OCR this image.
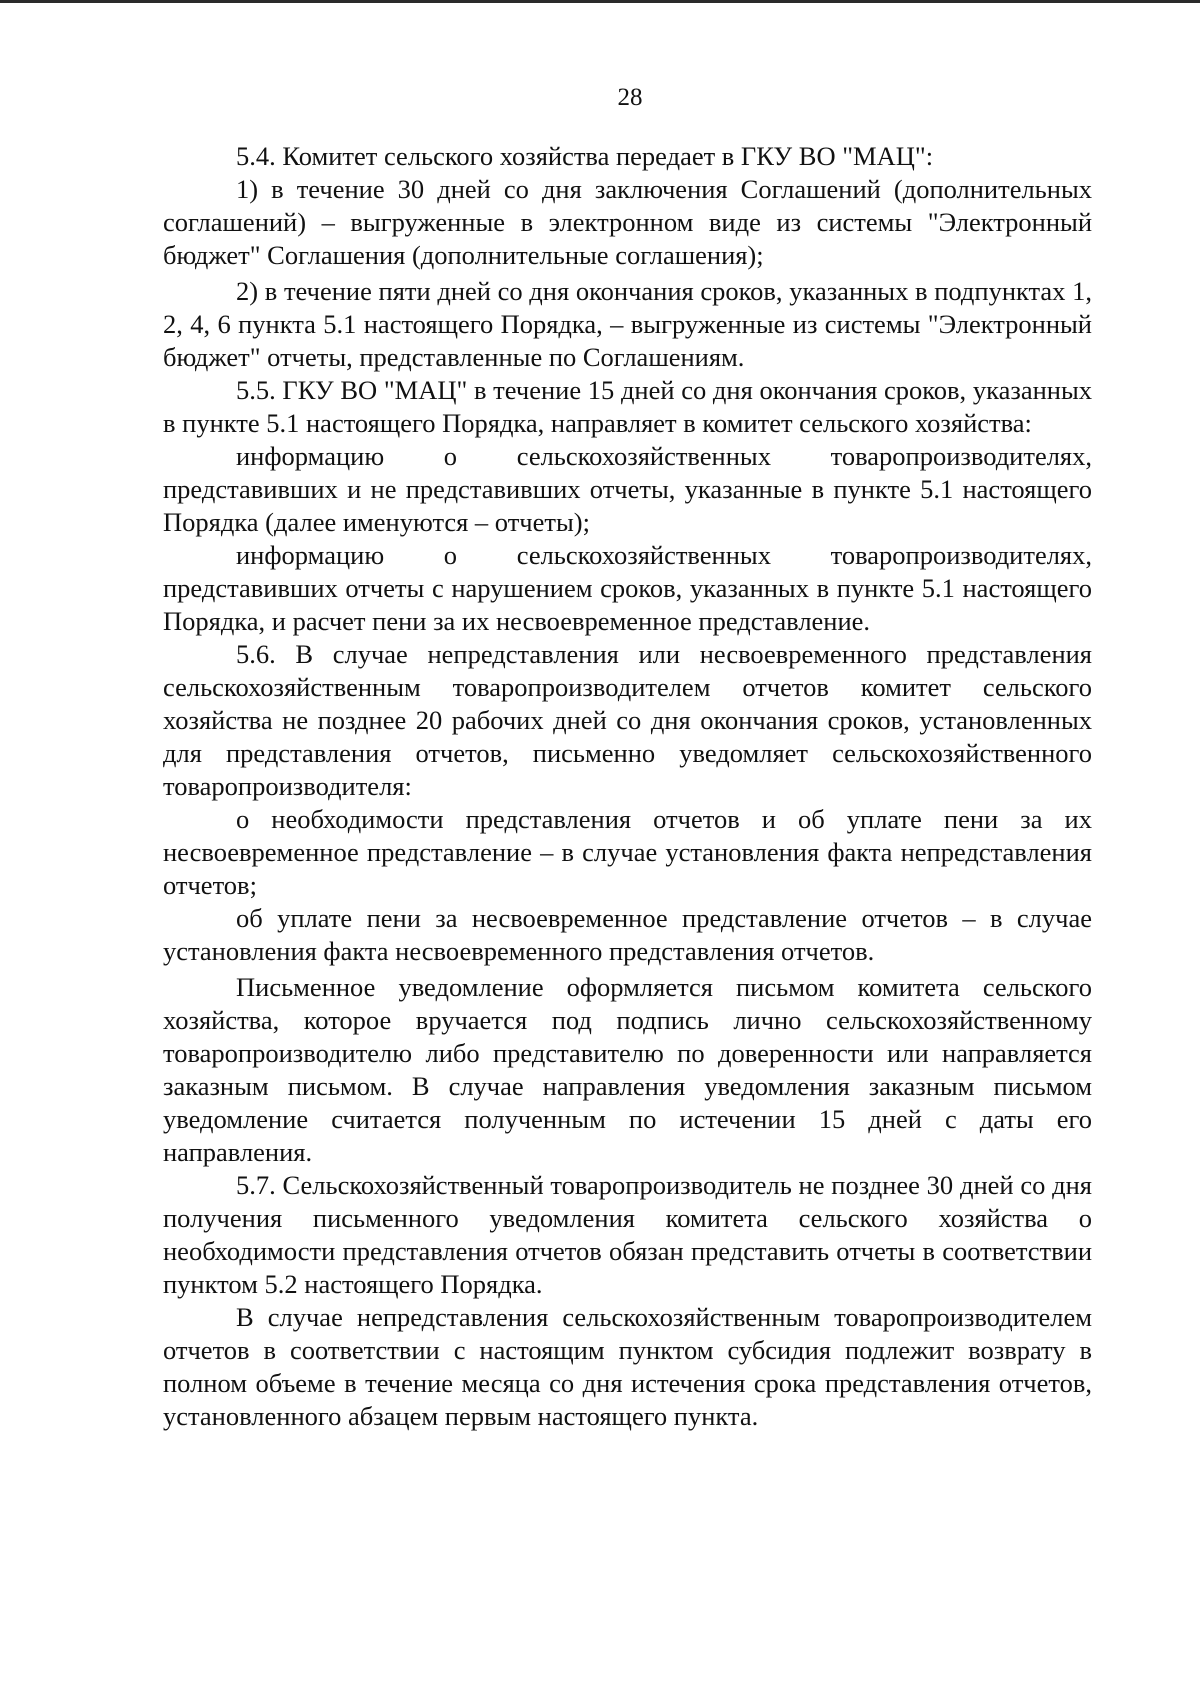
28

5.4. Комитет сельского хозяйства передает в ГКУ ВО "МАЦ":

1) в течение 30 дней со дня заключения Соглашений (дополнительных соглашений) – выгруженные в электронном виде из системы "Электронный бюджет" Соглашения (дополнительные соглашения);

2) в течение пяти дней со дня окончания сроков, указанных в подпунктах 1, 2, 4, 6 пункта 5.1 настоящего Порядка, – выгруженные из системы "Электронный бюджет" отчеты, представленные по Соглашениям.

5.5. ГКУ ВО "МАЦ" в течение 15 дней со дня окончания сроков, указанных в пункте 5.1 настоящего Порядка, направляет в комитет сельского хозяйства:

информацию о сельскохозяйственных товаропроизводителях, представивших и не представивших отчеты, указанные в пункте 5.1 настоящего Порядка (далее именуются – отчеты);

информацию о сельскохозяйственных товаропроизводителях, представивших отчеты с нарушением сроков, указанных в пункте 5.1 настоящего Порядка, и расчет пени за их несвоевременное представление.

5.6. В случае непредставления или несвоевременного представления сельскохозяйственным товаропроизводителем отчетов комитет сельского хозяйства не позднее 20 рабочих дней со дня окончания сроков, установленных для представления отчетов, письменно уведомляет сельскохозяйственного товаропроизводителя:

о необходимости представления отчетов и об уплате пени за их несвоевременное представление – в случае установления факта непредставления отчетов;

об уплате пени за несвоевременное представление отчетов – в случае установления факта несвоевременного представления отчетов.

Письменное уведомление оформляется письмом комитета сельского хозяйства, которое вручается под подпись лично сельскохозяйственному товаропроизводителю либо представителю по доверенности или направляется заказным письмом. В случае направления уведомления заказным письмом уведомление считается полученным по истечении 15 дней с даты его направления.

5.7. Сельскохозяйственный товаропроизводитель не позднее 30 дней со дня получения письменного уведомления комитета сельского хозяйства о необходимости представления отчетов обязан представить отчеты в соответствии пунктом 5.2 настоящего Порядка.

В случае непредставления сельскохозяйственным товаропроизводителем отчетов в соответствии с настоящим пунктом субсидия подлежит возврату в полном объеме в течение месяца со дня истечения срока представления отчетов, установленного абзацем первым настоящего пункта.
